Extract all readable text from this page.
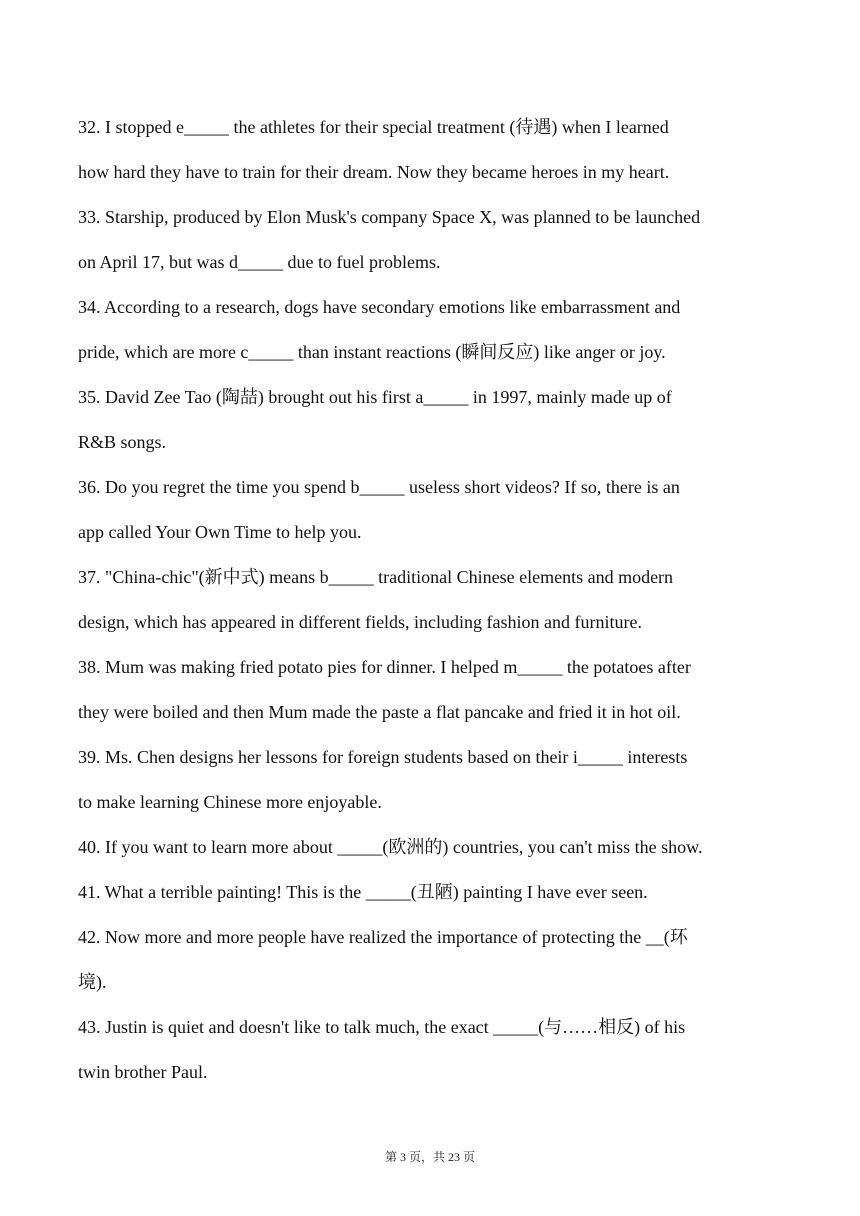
32. I stopped e_____ the athletes for their special treatment (待遇) when I learned
how hard they have to train for their dream. Now they became heroes in my heart.
33. Starship, produced by Elon Musk's company Space X, was planned to be launched
on April 17, but was d_____ due to fuel problems.
34. According to a research, dogs have secondary emotions like embarrassment and
pride, which are more c_____ than instant reactions (瞬间反应) like anger or joy.
35. David Zee Tao (陶喆) brought out his first a_____ in 1997, mainly made up of
R&B songs.
36. Do you regret the time you spend b_____ useless short videos? If so, there is an
app called Your Own Time to help you.
37. "China-chic"(新中式) means b_____ traditional Chinese elements and modern
design, which has appeared in different fields, including fashion and furniture.
38. Mum was making fried potato pies for dinner. I helped m_____ the potatoes after
they were boiled and then Mum made the paste a flat pancake and fried it in hot oil.
39. Ms. Chen designs her lessons for foreign students based on their i_____ interests
to make learning Chinese more enjoyable.
40. If you want to learn more about _____(欧洲的) countries, you can't miss the show.
41. What a terrible painting! This is the _____(丑陋) painting I have ever seen.
42. Now more and more people have realized the importance of protecting the __(环
境).
43. Justin is quiet and doesn't like to talk much, the exact _____(与……相反) of his
twin brother Paul.
第 3 页，共 23 页
